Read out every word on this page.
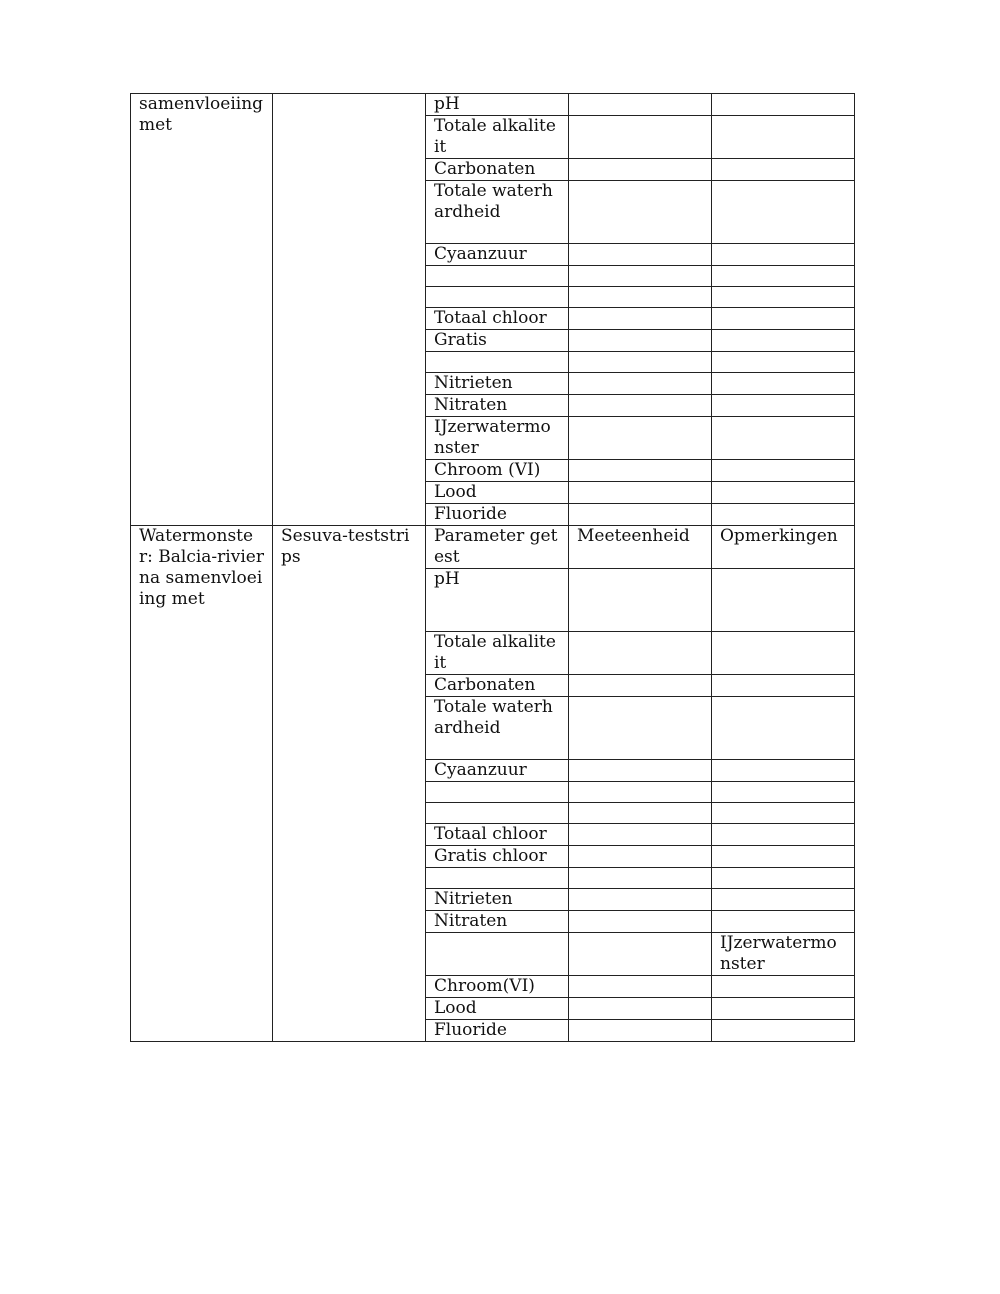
samenvloeiing met		pH		
		Totale alkaliteit		
		Carbonaten		
		Totale waterhardheid		
		Cyaanzuur		

		Totaal chloor		
		Gratis		

		Nitrieten		
		Nitraten		
		IJzerwatermonster		
		Chroom (VI)		
		Lood		
		Fluoride		
Watermonster: Balcia-rivier na samenvloeiing met	Sesuva-teststrips	Parameter getest	Meeteenheid	Opmerkingen
		pH		
		Totale alkaliteit		
		Carbonaten		
		Totale waterhardheid		
		Cyaanzuur		

		Totaal chloor		
		Gratis chloor		

		Nitrieten		
		Nitraten		
				IJzerwatermonster
		Chroom(VI)		
		Lood		
		Fluoride		
